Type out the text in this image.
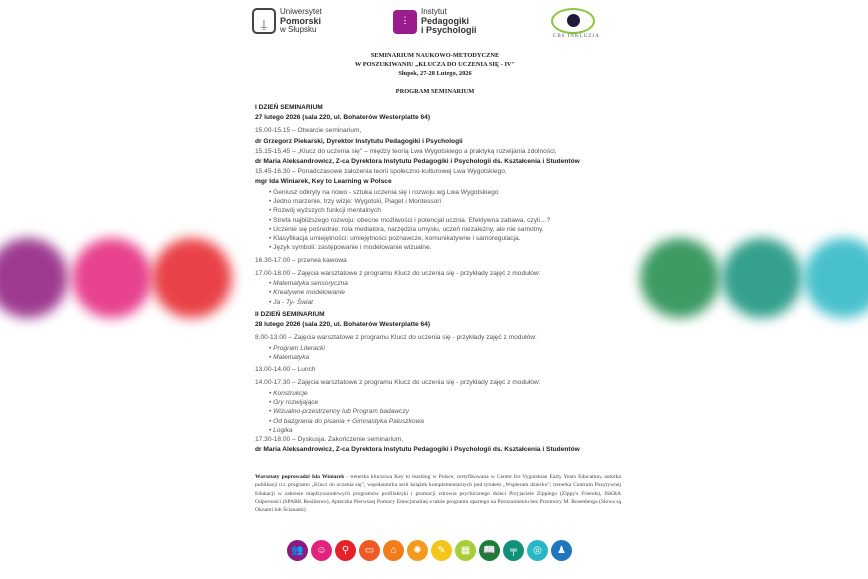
⍊
Uniwersytet
Pomorski
w Słupsku
ⵗ
Instytut
Pedagogiki
i Psychologii
CBS INKLUZJA
SEMINARIUM NAUKOWO-METODYCZNE
W POSZUKIWANIU „KLUCZA DO UCZENIA SIĘ - IV"
Słupsk, 27-28 Lutego, 2026
PROGRAM SEMINARIUM
I DZIEŃ SEMINARIUM
27 lutego 2026 (sala 220, ul. Bohaterów Westerplatte 64)
15.00-15.15 – Otwarcie seminarium,
dr Grzegorz Piekarski, Dyrektor Instytutu Pedagogiki i Psychologii
15.15-15.45 – „Klucz do uczenia się" – między teorią Lwa Wygotskiego a praktyką rozwijania zdolności,
dr Maria Aleksandrowicz, Z-ca Dyrektora Instytutu Pedagogiki i Psychologii ds. Kształcenia i Studentów
15.45-16.30 – Ponadczasowe założenia teorii społeczno-kulturowej Lwa Wygotskiego,
mgr Ida Winiarek, Key to Learning w Polsce
• Geniusz odkryty na nowo - sztuka uczenia się i rozwoju wg Lwa Wygotskiego
• Jedno marzenie, trzy wizje: Wygotski, Piaget i Montessori
• Rozwój wyższych funkcji mentalnych
• Strefa najbliższego rozwoju: obecne możliwości i potencjał ucznia. Efektywna zabawa, czyli…?
• Uczenie się pośrednie: rola mediatora, narzędzia umysłu, uczeń niezależny, ale nie samotny.
• Klasyfikacja umiejętności: umiejętności poznawcze, komunikatywne i samoregulacja.
• Język symboli: zastępowanie i modelowanie wizualne.
16.30-17.00 – przerwa kawowa
17.00-18.00 – Zajęcia warsztatowe z programu Klucz do uczenia się - przykłady zajęć z modułów:
• Matematyka sensoryczna
• Kreatywne modelowanie
• Ja - Ty- Świat
II DZIEŃ SEMINARIUM
28 lutego 2026 (sala 220, ul. Bohaterów Westerplatte 64)
8.00-13.00 – Zajęcia warsztatowe z programu Klucz do uczenia się - przykłady zajęć z modułów:
• Program Literacki
• Matematyka
13.00-14.00 – Lunch
14.00-17.30 – Zajęcia warsztatowe z programu Klucz do uczenia się - przykłady zajęć z modułów:
• Konstrukcje
• Gry rozwijające
• Wizualno-przestrzenny lub Program badawczy
• Od bazgrania do pisania + Gimnastyka Paluszkowa
• Logika
17.30-18.00 – Dyskusja. Zakończenie seminarium,
dr Maria Aleksandrowicz, Z-ca Dyrektora Instytutu Pedagogiki i Psychologii ds. Kształcenia i Studentów
Warsztaty poprowadzi Ida Winiarek - trenerka kluczowa Key to learning w Polsce, certyfikowana w Centre for Vygotskian Early Years Education, autorka publikacji n.t. programu „Klucz do uczenia się", współautorka serii książek komplementarnych pod tytułem „Wspieram dziecko"; trenerka Centrum Pozytywnej Edukacji w zakresie międzynarodowych programów profilaktyki i promocji zdrowia psychicznego dzieci Przyjaciele Zippiego (Zippy's Friends), ISKRA Odporności (SPARK Resilience), Apteczka Pierwszej Pomocy Emocjonalnej a także programu opartego na Porozumieniu bez Przemocy M. Rosenberga (Słowa są Oknami lub Ścianami).
👥	☺	⚲	▭	⌂	✺	✎	▦	📖	╤	◎	♟
